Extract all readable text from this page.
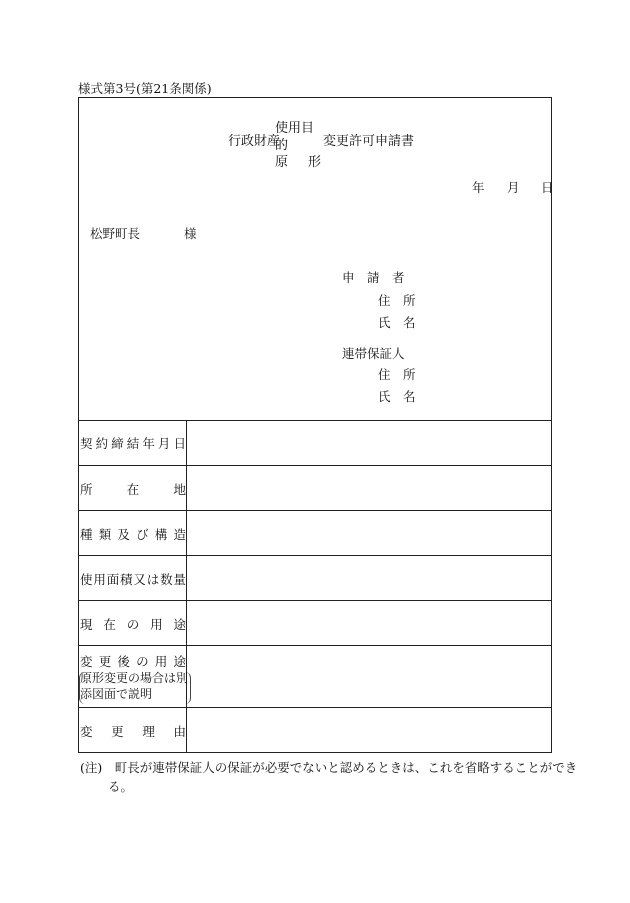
様式第3号(第21条関係)
行政財産
使用目的
原 形
変更許可申請書
年 月 日
松野町長	様
申　請　者
住　所
氏　名
連帯保証人
住　所
氏　名
契 約 締 結 年 月 日
所	在	地
種 類 及 び 構 造
使 用 面 積 又 は 数 量
現 在 の 用 途
変 更 後 の 用 途
原形変更の場合は別
添図面で説明
変 更 理 由
(注)　町長が連帯保証人の保証が必要でないと認めるときは、これを省略することができ
る。
